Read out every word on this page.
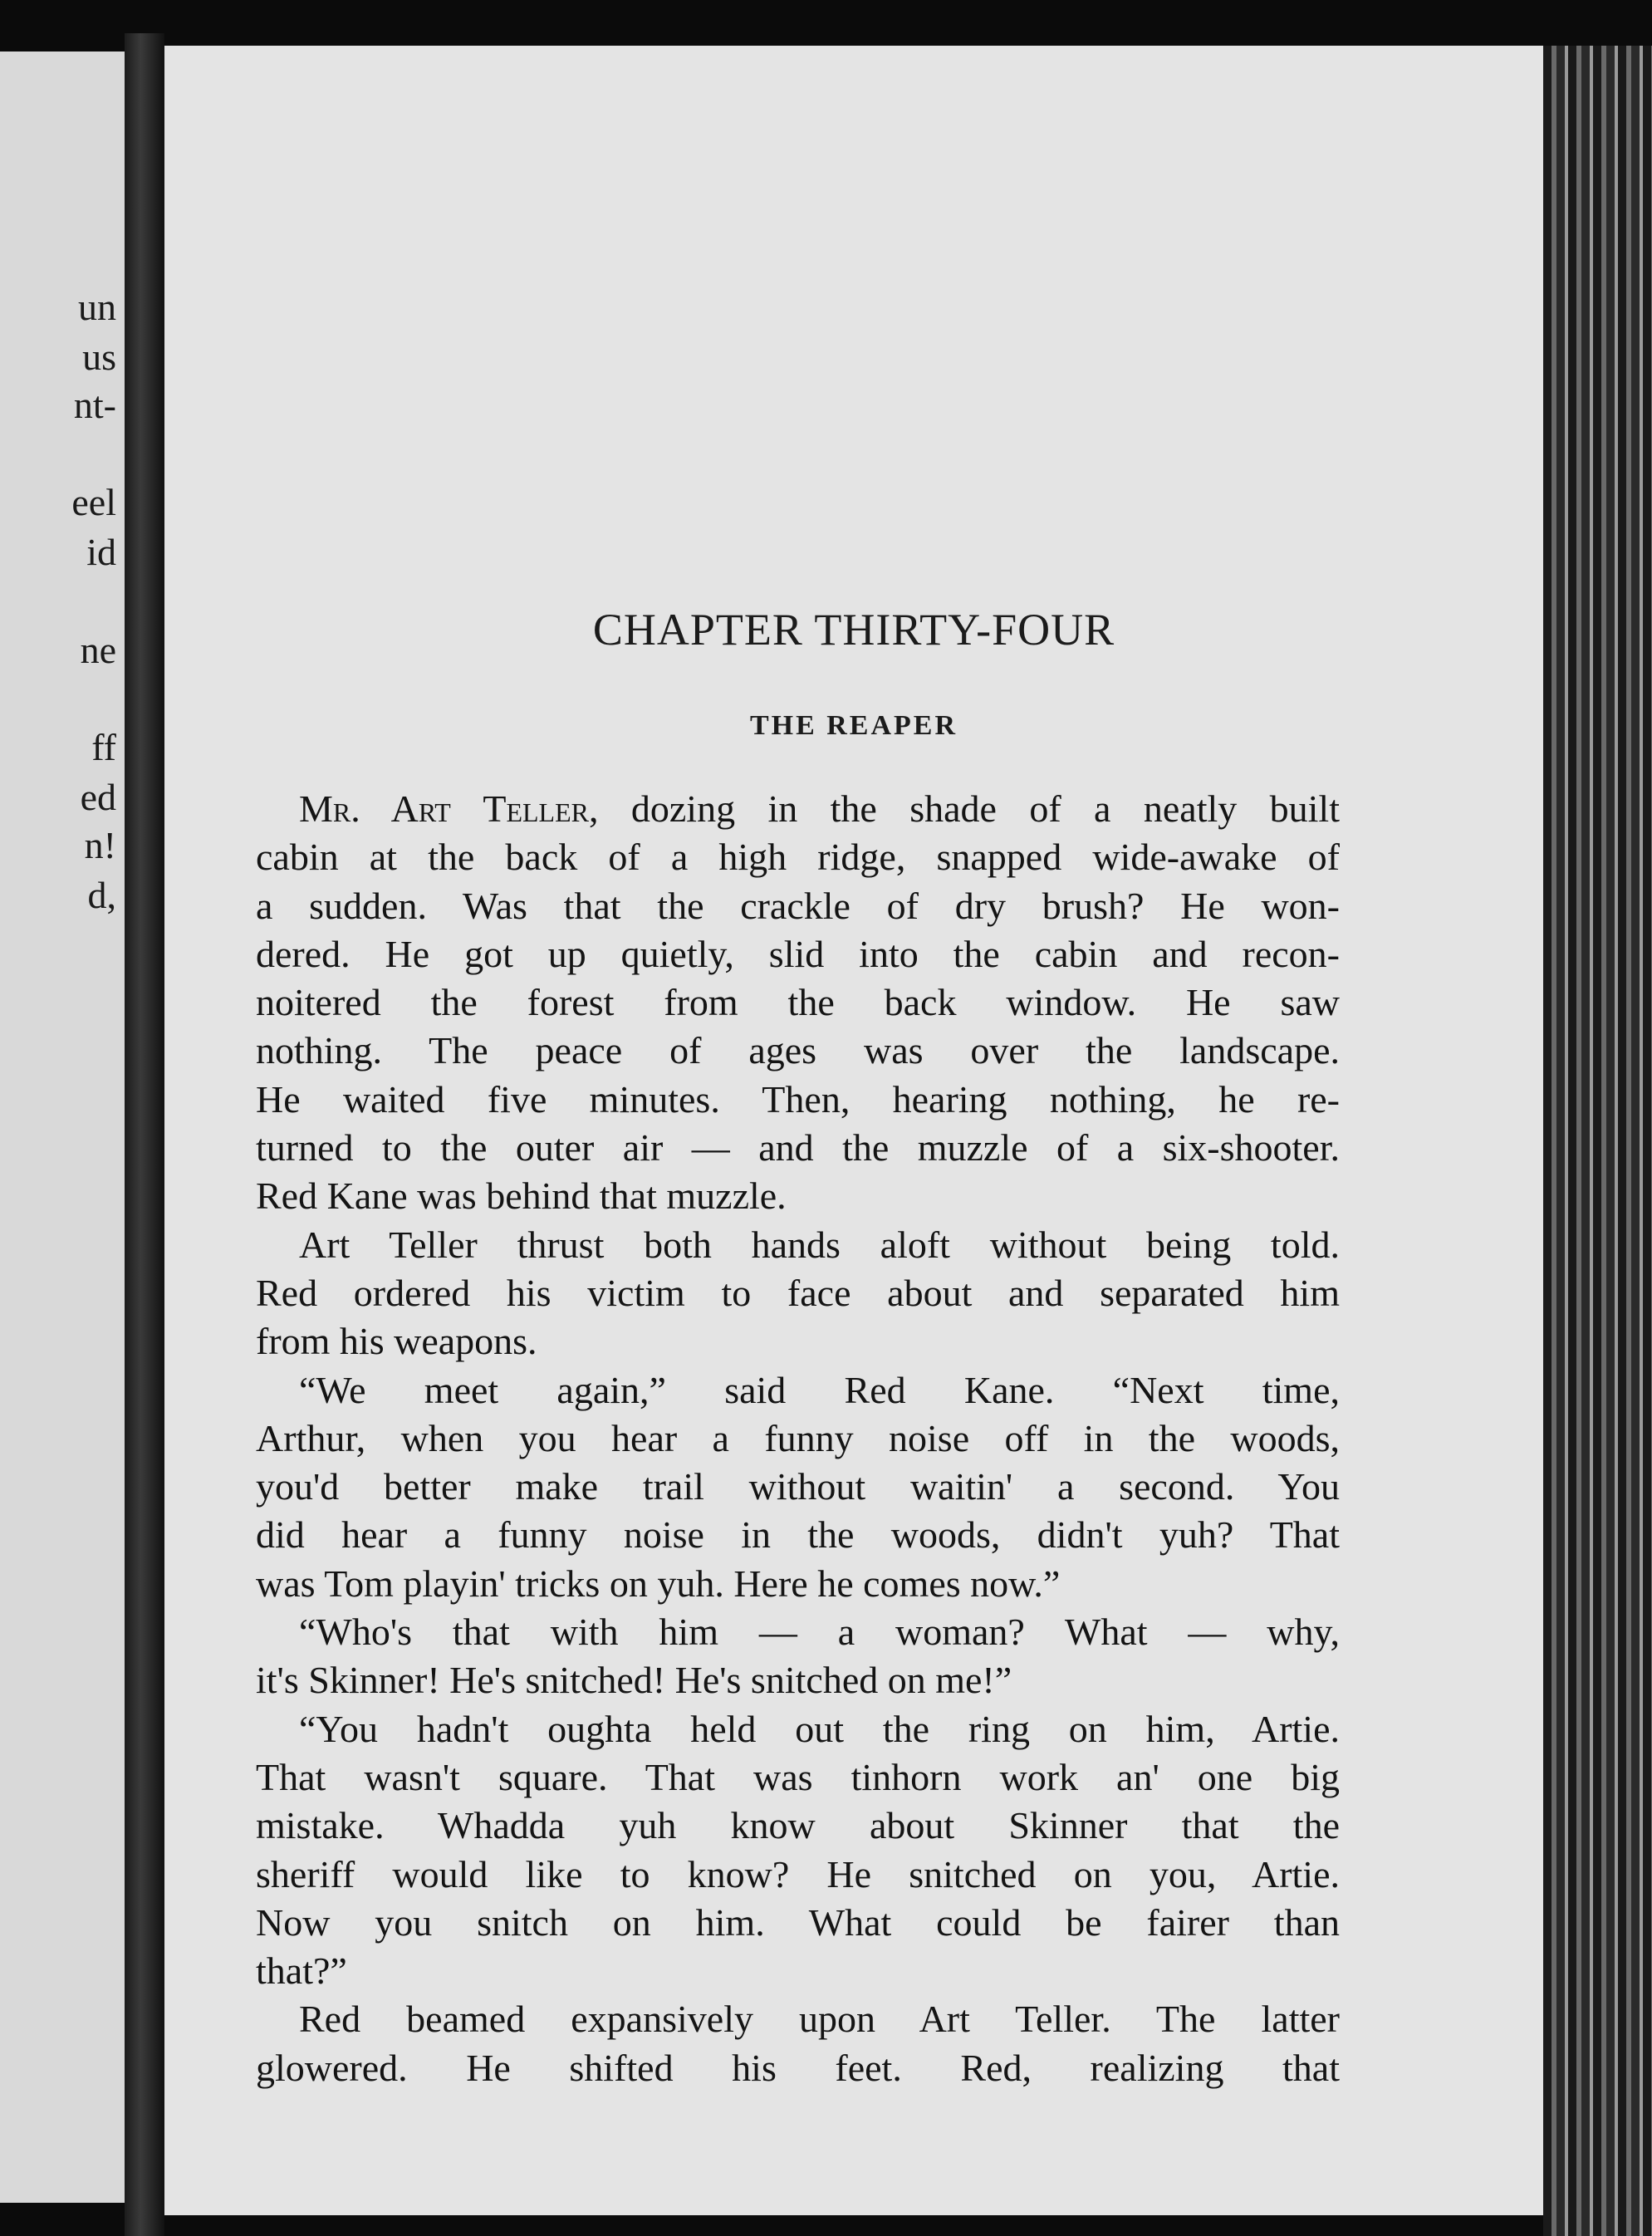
un
us
nt-
eel
id
ne
ff
ed
n!
d,
CHAPTER THIRTY-FOUR
THE REAPER
Mr. Art Teller, dozing in the shade of a neatly built
cabin at the back of a high ridge, snapped wide-awake of
a sudden. Was that the crackle of dry brush? He won-
dered. He got up quietly, slid into the cabin and recon-
noitered the forest from the back window. He saw
nothing. The peace of ages was over the landscape.
He waited five minutes. Then, hearing nothing, he re-
turned to the outer air — and the muzzle of a six-shooter.
Red Kane was behind that muzzle.
Art Teller thrust both hands aloft without being told.
Red ordered his victim to face about and separated him
from his weapons.
“We meet again,” said Red Kane. “Next time,
Arthur, when you hear a funny noise off in the woods,
you'd better make trail without waitin' a second. You
did hear a funny noise in the woods, didn't yuh? That
was Tom playin' tricks on yuh. Here he comes now.”
“Who's that with him — a woman? What — why,
it's Skinner! He's snitched! He's snitched on me!”
“You hadn't oughta held out the ring on him, Artie.
That wasn't square. That was tinhorn work an' one big
mistake. Whadda yuh know about Skinner that the
sheriff would like to know? He snitched on you, Artie.
Now you snitch on him. What could be fairer than
that?”
Red beamed expansively upon Art Teller. The latter
glowered. He shifted his feet. Red, realizing that
